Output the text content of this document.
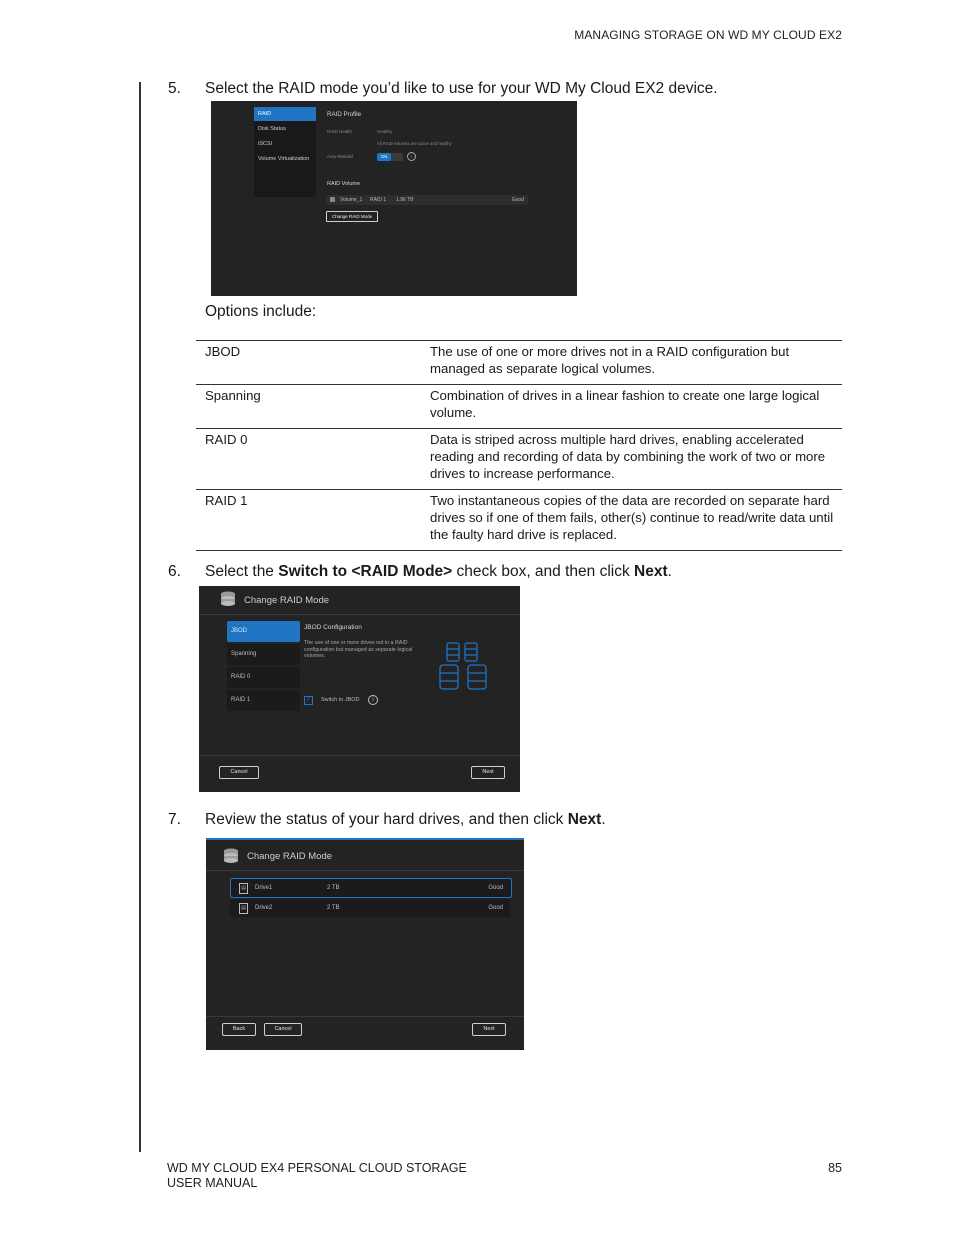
MANAGING STORAGE ON WD MY CLOUD EX2
5. Select the RAID mode you’d like to use for your WD My Cloud EX2 device.
RAID
Disk Status
iSCSI
Volume Virtualization
RAID Profile
RAID Health	Healthy
All RAID volumes are active and healthy
Auto-Rebuild	ON	i
RAID Volume
Volume_1 RAID 1 1.96 TB	Good
Change RAID Mode
Options include:
JBOD	The use of one or more drives not in a RAID configuration but managed as separate logical volumes.
Spanning	Combination of drives in a linear fashion to create one large logical volume.
RAID 0	Data is striped across multiple hard drives, enabling accelerated reading and recording of data by combining the work of two or more drives to increase performance.
RAID 1	Two instantaneous copies of the data are recorded on separate hard drives so if one of them fails, other(s) continue to read/write data until the faulty hard drive is replaced.
6. Select the Switch to <RAID Mode> check box, and then click Next.
Change RAID Mode
JBOD
Spanning
RAID 0
RAID 1
JBOD Configuration
The use of one or more drives not in a RAID configuration but managed as separate logical volumes.
✓	Switch to JBOD	i
Cancel	Next
7. Review the status of your hard drives, and then click Next.
Change RAID Mode
▤	Drive1	2 TB	Good
▤	Drive2	2 TB	Good
Back	Cancel	Next
WD MY CLOUD EX4 PERSONAL CLOUD STORAGE
USER MANUAL
85
